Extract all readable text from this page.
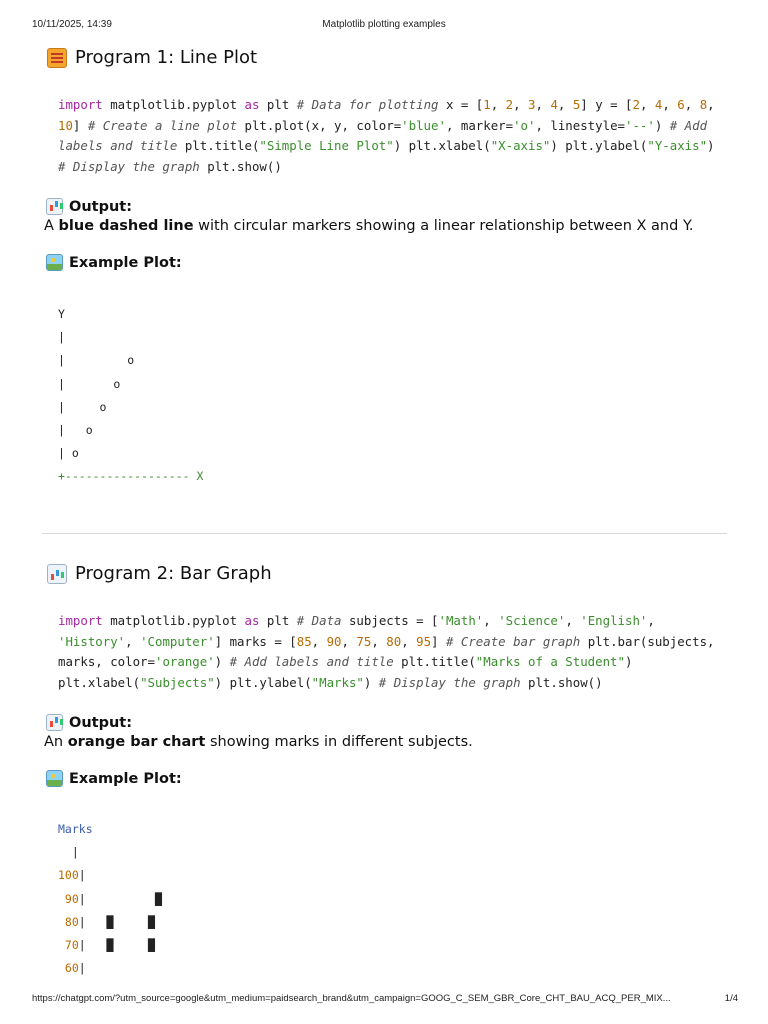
10/11/2025, 14:39	Matplotlib plotting examples
Program 1: Line Plot
import matplotlib.pyplot as plt # Data for plotting x = [1, 2, 3, 4, 5] y = [2, 4, 6, 8, 10] # Create a line plot plt.plot(x, y, color='blue', marker='o', linestyle='--') # Add labels and title plt.title("Simple Line Plot") plt.xlabel("X-axis") plt.ylabel("Y-axis") # Display the graph plt.show()
Output:
A blue dashed line with circular markers showing a linear relationship between X and Y.
Example Plot:
Y
|
|         o
|       o
|     o
|   o
| o
+------------------ X
Program 2: Bar Graph
import matplotlib.pyplot as plt # Data subjects = ['Math', 'Science', 'English', 'History', 'Computer'] marks = [85, 90, 75, 80, 95] # Create bar graph plt.bar(subjects, marks, color='orange') # Add labels and title plt.title("Marks of a Student") plt.xlabel("Subjects") plt.ylabel("Marks") # Display the graph plt.show()
Output:
An orange bar chart showing marks in different subjects.
Example Plot:
Marks
|
100|
90|          █
80|   █     █
70|   █     █
60|
https://chatgpt.com/?utm_source=google&utm_medium=paidsearch_brand&utm_campaign=GOOG_C_SEM_GBR_Core_CHT_BAU_ACQ_PER_MIX...	1/4
